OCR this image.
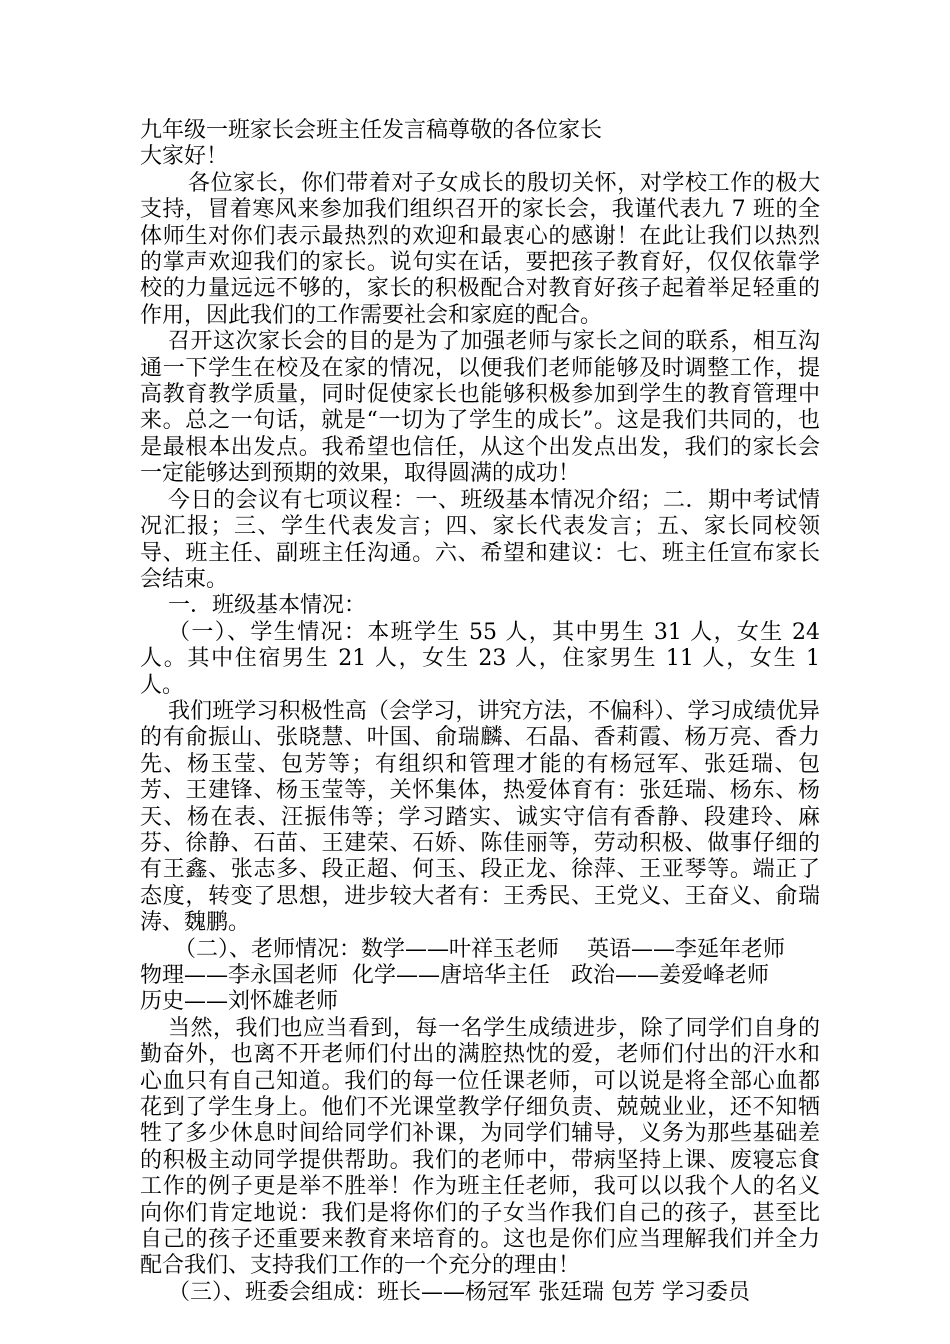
九年级一班家长会班主任发言稿尊敬的各位家长

大家好！

各位家长，你们带着对子女成长的殷切关怀，对学校工作的极大支持，冒着寒风来参加我们组织召开的家长会，我谨代表九 7 班的全体师生对你们表示最热烈的欢迎和最衷心的感谢！在此让我们以热烈的掌声欢迎我们的家长。说句实在话，要把孩子教育好，仅仅依靠学校的力量远远不够的，家长的积极配合对教育好孩子起着举足轻重的作用，因此我们的工作需要社会和家庭的配合。

召开这次家长会的目的是为了加强老师与家长之间的联系，相互沟通一下学生在校及在家的情况，以便我们老师能够及时调整工作，提高教育教学质量，同时促使家长也能够积极参加到学生的教育管理中来。总之一句话，就是“一切为了学生的成长”。这是我们共同的，也是最根本出发点。我希望也信任，从这个出发点出发，我们的家长会一定能够达到预期的效果，取得圆满的成功！

今日的会议有七项议程：一、班级基本情况介绍；二．期中考试情况汇报；三、学生代表发言；四、家长代表发言；五、家长同校领导、班主任、副班主任沟通。六、希望和建议：七、班主任宣布家长会结束。

一．班级基本情况：

（一）、学生情况：本班学生 55 人，其中男生 31 人，女生 24 人。其中住宿男生 21 人，女生 23 人，住家男生 11 人，女生 1 人。

我们班学习积极性高（会学习，讲究方法，不偏科）、学习成绩优异的有俞振山、张晓慧、叶国、俞瑞麟、石晶、香莉霞、杨万亮、香力先、杨玉莹、包芳等；有组织和管理才能的有杨冠军、张廷瑞、包芳、王建锋、杨玉莹等，关怀集体，热爱体育有：张廷瑞、杨东、杨天、杨在表、汪振伟等；学习踏实、诚实守信有香静、段建玲、麻芬、徐静、石苗、王建荣、石娇、陈佳丽等，劳动积极、做事仔细的有王鑫、张志多、段正超、何玉、段正龙、徐萍、王亚琴等。端正了态度，转变了思想，进步较大者有：王秀民、王党义、王奋义、俞瑞涛、魏鹏。

（二）、老师情况：数学——叶祥玉老师    英语——李延年老师

物理——李永国老师  化学——唐培华主任   政治——姜爱峰老师

历史——刘怀雄老师

当然，我们也应当看到，每一名学生成绩进步，除了同学们自身的勤奋外，也离不开老师们付出的满腔热忱的爱，老师们付出的汗水和心血只有自己知道。我们的每一位任课老师，可以说是将全部心血都花到了学生身上。他们不光课堂教学仔细负责、兢兢业业，还不知牺牲了多少休息时间给同学们补课，为同学们辅导，义务为那些基础差的积极主动同学提供帮助。我们的老师中，带病坚持上课、废寝忘食工作的例子更是举不胜举！作为班主任老师，我可以以我个人的名义向你们肯定地说：我们是将你们的子女当作我们自己的孩子，甚至比自己的孩子还重要来教育来培育的。这也是你们应当理解我们并全力配合我们、支持我们工作的一个充分的理由！

（三）、班委会组成：班长——杨冠军 张廷瑞 包芳 学习委员
